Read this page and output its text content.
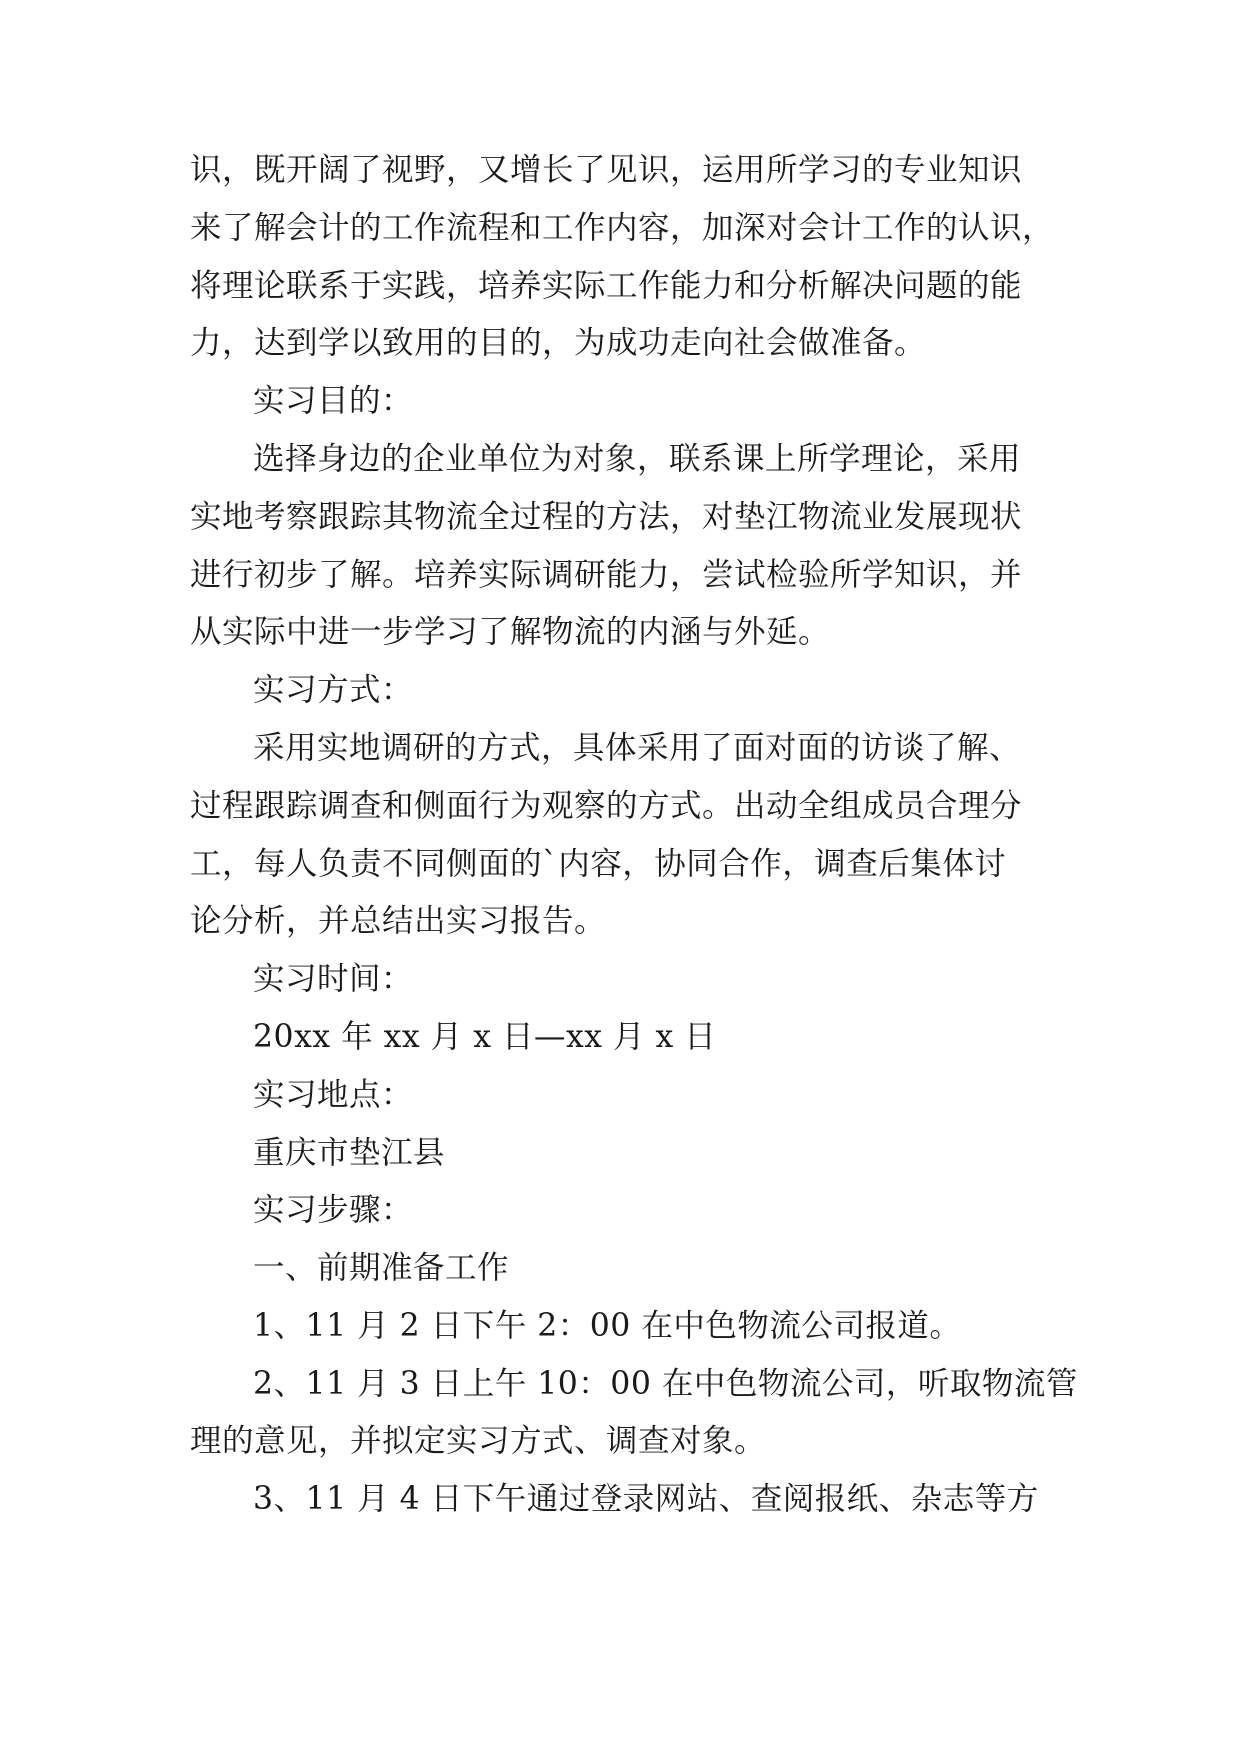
识，既开阔了视野，又增长了见识，运用所学习的专业知识
来了解会计的工作流程和工作内容，加深对会计工作的认识，
将理论联系于实践，培养实际工作能力和分析解决问题的能
力，达到学以致用的目的，为成功走向社会做准备。
实习目的：
选择身边的企业单位为对象，联系课上所学理论，采用
实地考察跟踪其物流全过程的方法，对垫江物流业发展现状
进行初步了解。培养实际调研能力，尝试检验所学知识，并
从实际中进一步学习了解物流的内涵与外延。
实习方式：
采用实地调研的方式，具体采用了面对面的访谈了解、
过程跟踪调查和侧面行为观察的方式。出动全组成员合理分
工，每人负责不同侧面的`内容，协同合作，调查后集体讨
论分析，并总结出实习报告。
实习时间：
20xx 年 xx 月 x 日—xx 月 x 日
实习地点：
重庆市垫江县
实习步骤：
一、前期准备工作
1、11 月 2 日下午 2：00 在中色物流公司报道。
2、11 月 3 日上午 10：00 在中色物流公司，听取物流管
理的意见，并拟定实习方式、调查对象。
3、11 月 4 日下午通过登录网站、查阅报纸、杂志等方
